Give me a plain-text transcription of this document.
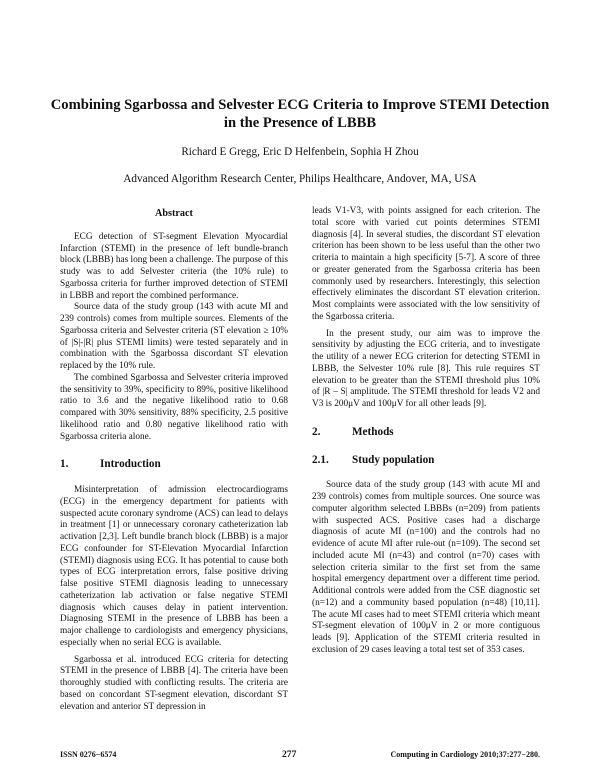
Combining Sgarbossa and Selvester ECG Criteria to Improve STEMI Detection
in the Presence of LBBB
Richard E Gregg, Eric D Helfenbein, Sophia H Zhou
Advanced Algorithm Research Center, Philips Healthcare, Andover, MA, USA
Abstract

ECG detection of ST-segment Elevation Myocardial Infarction (STEMI) in the presence of left bundle-branch block (LBBB) has long been a challenge. The purpose of this study was to add Selvester criteria (the 10% rule) to Sgarbossa criteria for further improved detection of STEMI in LBBB and report the combined performance.

Source data of the study group (143 with acute MI and 239 controls) comes from multiple sources. Elements of the Sgarbossa criteria and Selvester criteria (ST elevation ≥ 10% of |S|-|R| plus STEMI limits) were tested separately and in combination with the Sgarbossa discordant ST elevation replaced by the 10% rule.

The combined Sgarbossa and Selvester criteria improved the sensitivity to 39%, specificity to 89%, positive likelihood ratio to 3.6 and the negative likelihood ratio to 0.68 compared with 30% sensitivity, 88% specificity, 2.5 positive likelihood ratio and 0.80 negative likelihood ratio with Sgarbossa criteria alone.

1.	Introduction

Misinterpretation of admission electrocardiograms (ECG) in the emergency department for patients with suspected acute coronary syndrome (ACS) can lead to delays in treatment [1] or unnecessary coronary catheterization lab activation [2,3]. Left bundle branch block (LBBB) is a major ECG confounder for ST-Elevation Myocardial Infarction (STEMI) diagnosis using ECG. It has potential to cause both types of ECG interpretation errors, false positive driving false positive STEMI diagnosis leading to unnecessary catheterization lab activation or false negative STEMI diagnosis which causes delay in patient intervention. Diagnosing STEMI in the presence of LBBB has been a major challenge to cardiologists and emergency physicians, especially when no serial ECG is available.

Sgarbossa et al. introduced ECG criteria for detecting STEMI in the presence of LBBB [4]. The criteria have been thoroughly studied with conflicting results. The criteria are based on concordant ST-segment elevation, discordant ST elevation and anterior ST depression in

leads V1-V3, with points assigned for each criterion. The total score with varied cut points determines STEMI diagnosis [4]. In several studies, the discordant ST elevation criterion has been shown to be less useful than the other two criteria to maintain a high specificity [5-7]. A score of three or greater generated from the Sgarbossa criteria has been commonly used by researchers. Interestingly, this selection effectively eliminates the discordant ST elevation criterion. Most complaints were associated with the low sensitivity of the Sgarbossa criteria.

In the present study, our aim was to improve the sensitivity by adjusting the ECG criteria, and to investigate the utility of a newer ECG criterion for detecting STEMI in LBBB, the Selvester 10% rule [8]. This rule requires ST elevation to be greater than the STEMI threshold plus 10% of |R – S| amplitude. The STEMI threshold for leads V2 and V3 is 200μV and 100μV for all other leads [9].

2.	Methods
2.1.	Study population

Source data of the study group (143 with acute MI and 239 controls) comes from multiple sources. One source was computer algorithm selected LBBBs (n=209) from patients with suspected ACS. Positive cases had a discharge diagnosis of acute MI (n=100) and the controls had no evidence of acute MI after rule-out (n=109). The second set included acute MI (n=43) and control (n=70) cases with selection criteria similar to the first set from the same hospital emergency department over a different time period. Additional controls were added from the CSE diagnostic set (n=12) and a community based population (n=48) [10,11]. The acute MI cases had to meet STEMI criteria which meant ST-segment elevation of 100μV in 2 or more contiguous leads [9]. Application of the STEMI criteria resulted in exclusion of 29 cases leaving a total test set of 353 cases.

ISSN 0276−6574	277	Computing in Cardiology 2010;37:277−280.
